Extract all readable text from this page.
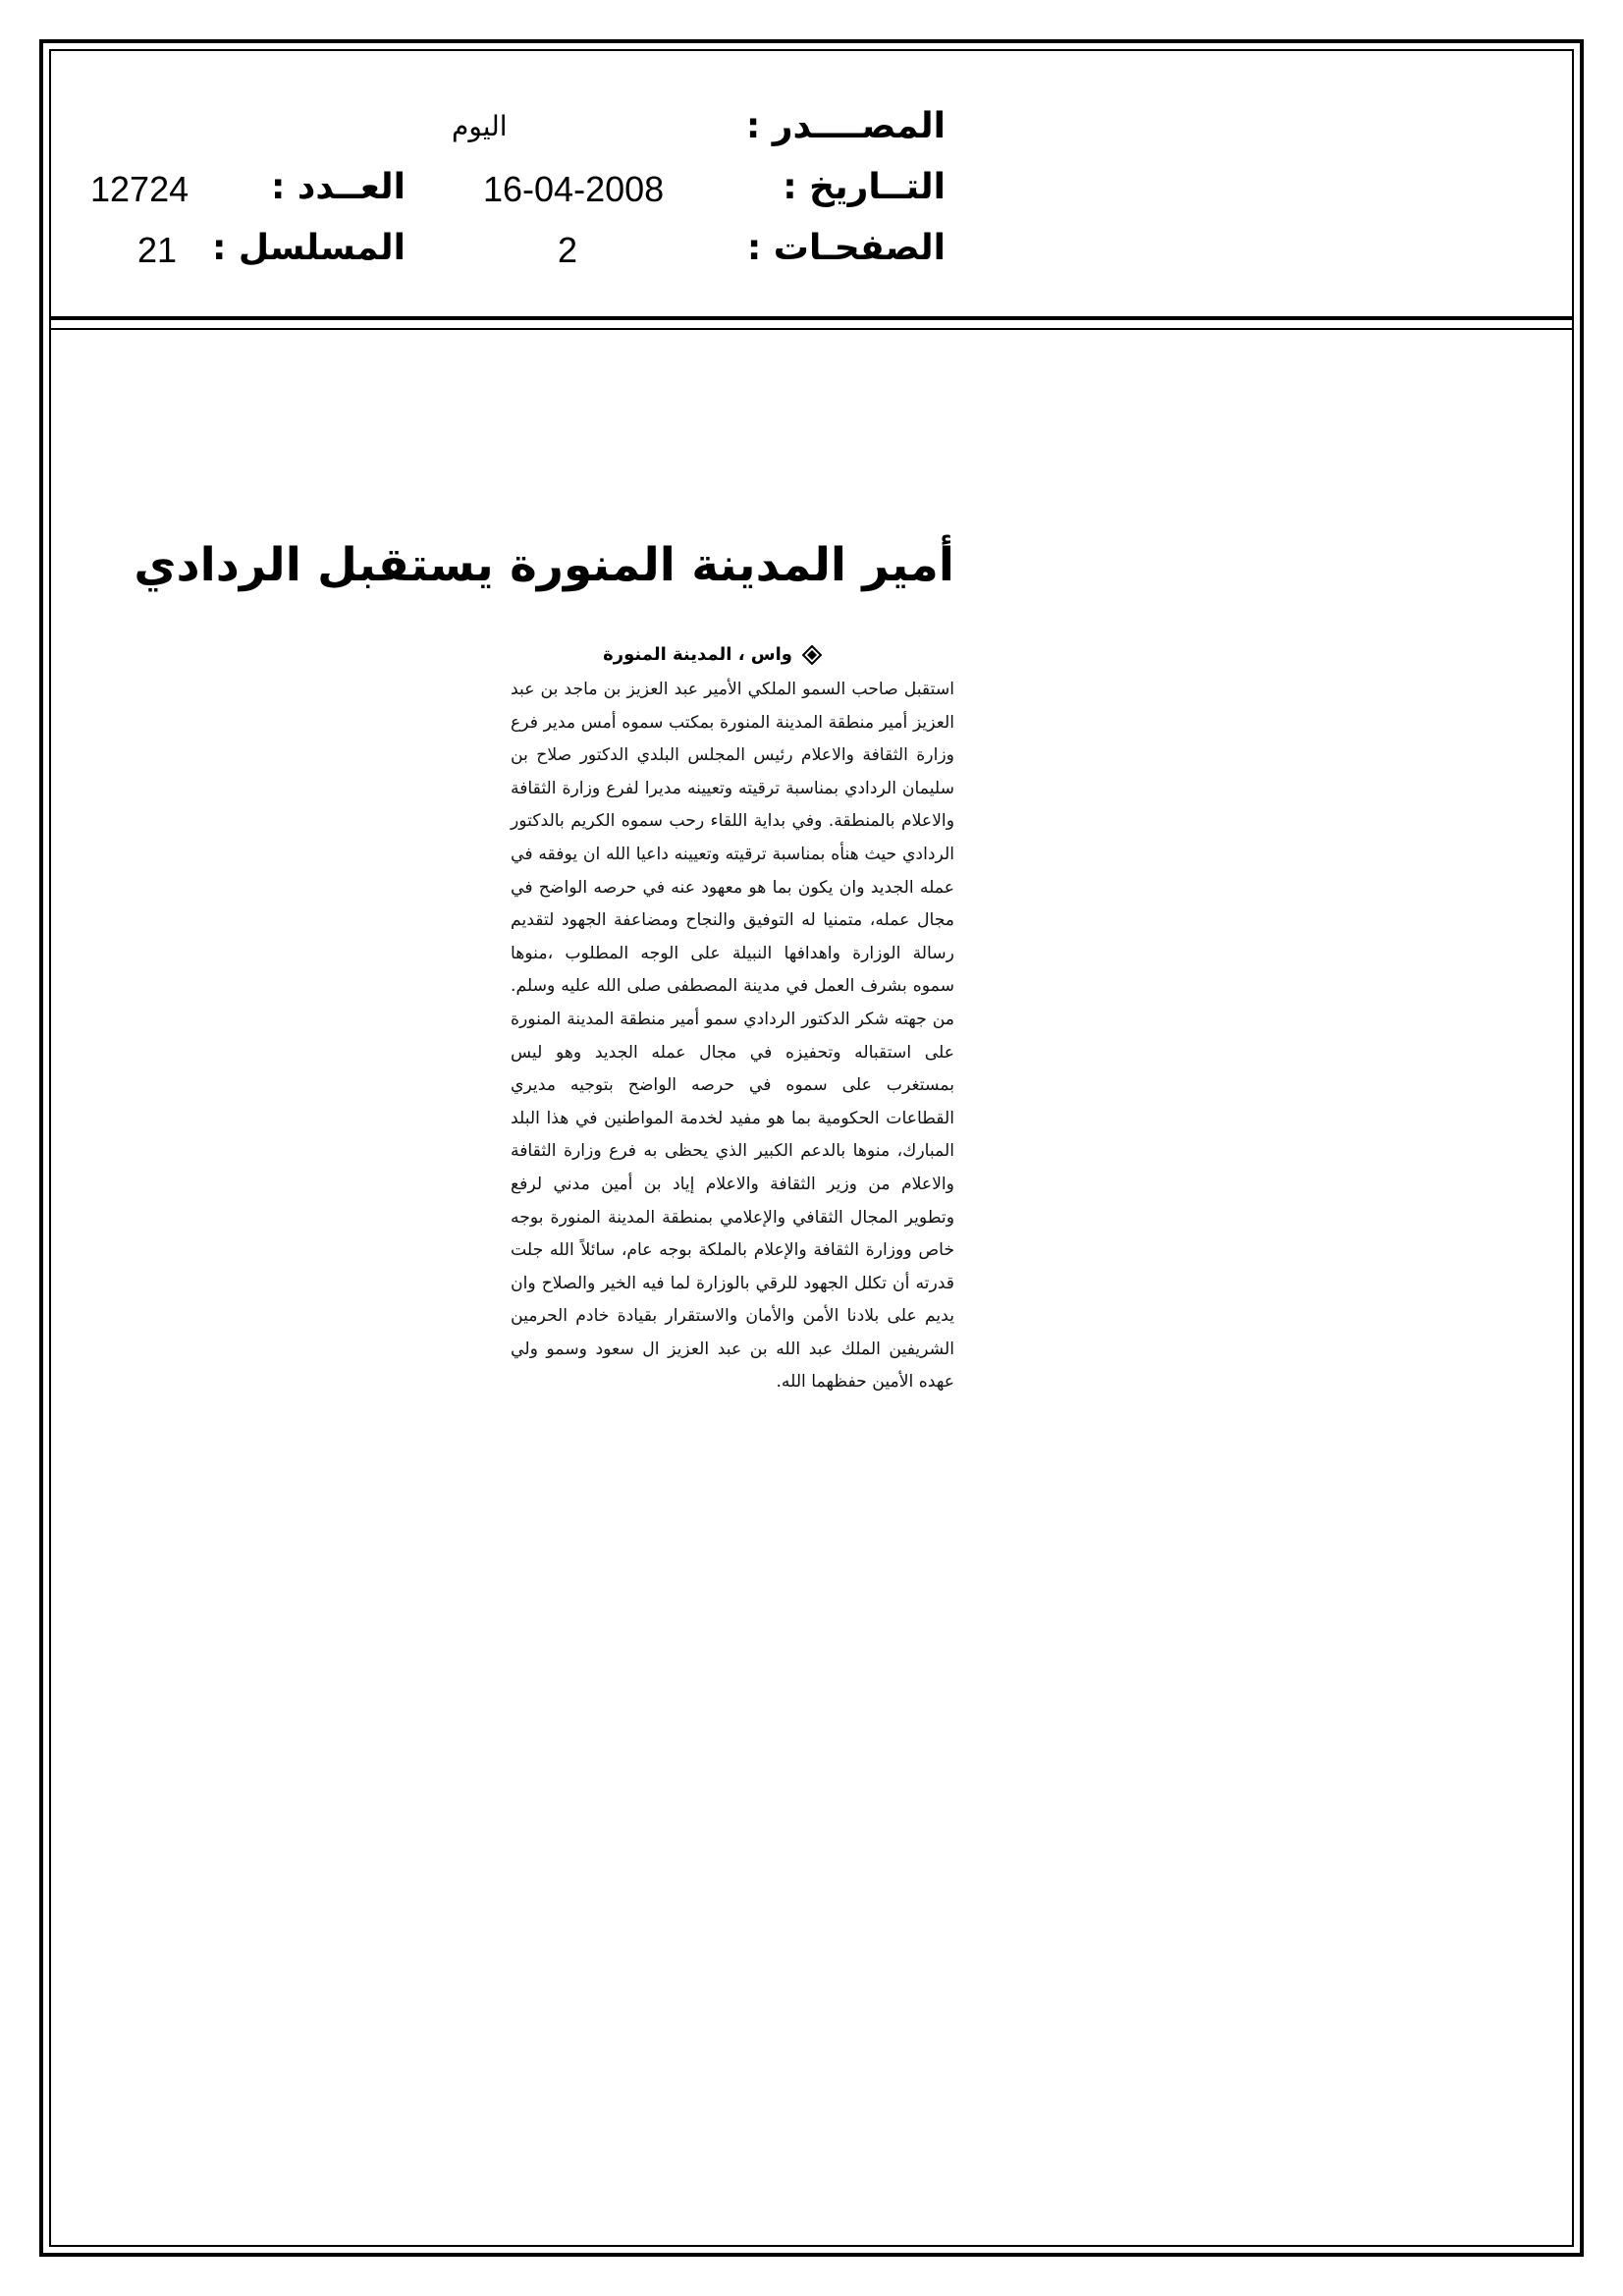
المصــــدر :
التــاريخ :
الصفحـات :
اليوم
16-04-2008
2
العــدد :
المسلسل :
12724
21
أمير المدينة المنورة يستقبل الردادي
واس ، المدينة المنورة
استقبل صاحب السمو الملكي الأمير عبد العزيز بن ماجد بن عبد العزيز أمير منطقة المدينة المنورة بمكتب سموه أمس مدير فرع وزارة الثقافة والاعلام رئيس المجلس البلدي الدكتور صلاح بن سليمان الردادي بمناسبة ترقيته وتعيينه مديرا لفرع وزارة الثقافة والاعلام بالمنطقة. وفي بداية اللقاء رحب سموه الكريم بالدكتور الردادي حيث هنأه بمناسبة ترقيته وتعيينه داعيا الله ان يوفقه في عمله الجديد وان يكون بما هو معهود عنه في حرصه الواضح في مجال عمله، متمنيا له التوفيق والنجاح ومضاعفة الجهود لتقديم رسالة الوزارة واهدافها النبيلة على الوجه المطلوب ،منوها سموه بشرف العمل في مدينة المصطفى صلى الله عليه وسلم. من جهته شكر الدكتور الردادي سمو أمير منطقة المدينة المنورة على استقباله وتحفيزه في مجال عمله الجديد وهو ليس بمستغرب على سموه في حرصه الواضح بتوجيه مديري القطاعات الحكومية بما هو مفيد لخدمة المواطنين في هذا البلد المبارك، منوها بالدعم الكبير الذي يحظى به فرع وزارة الثقافة والاعلام من وزير الثقافة والاعلام إياد بن أمين مدني لرفع وتطوير المجال الثقافي والإعلامي بمنطقة المدينة المنورة بوجه خاص ووزارة الثقافة والإعلام بالملكة بوجه عام، سائلاً الله جلت قدرته أن تكلل الجهود للرقي بالوزارة لما فيه الخير والصلاح وان يديم على بلادنا الأمن والأمان والاستقرار بقيادة خادم الحرمين الشريفين الملك عبد الله بن عبد العزيز ال سعود وسمو ولي عهده الأمين حفظهما الله.
